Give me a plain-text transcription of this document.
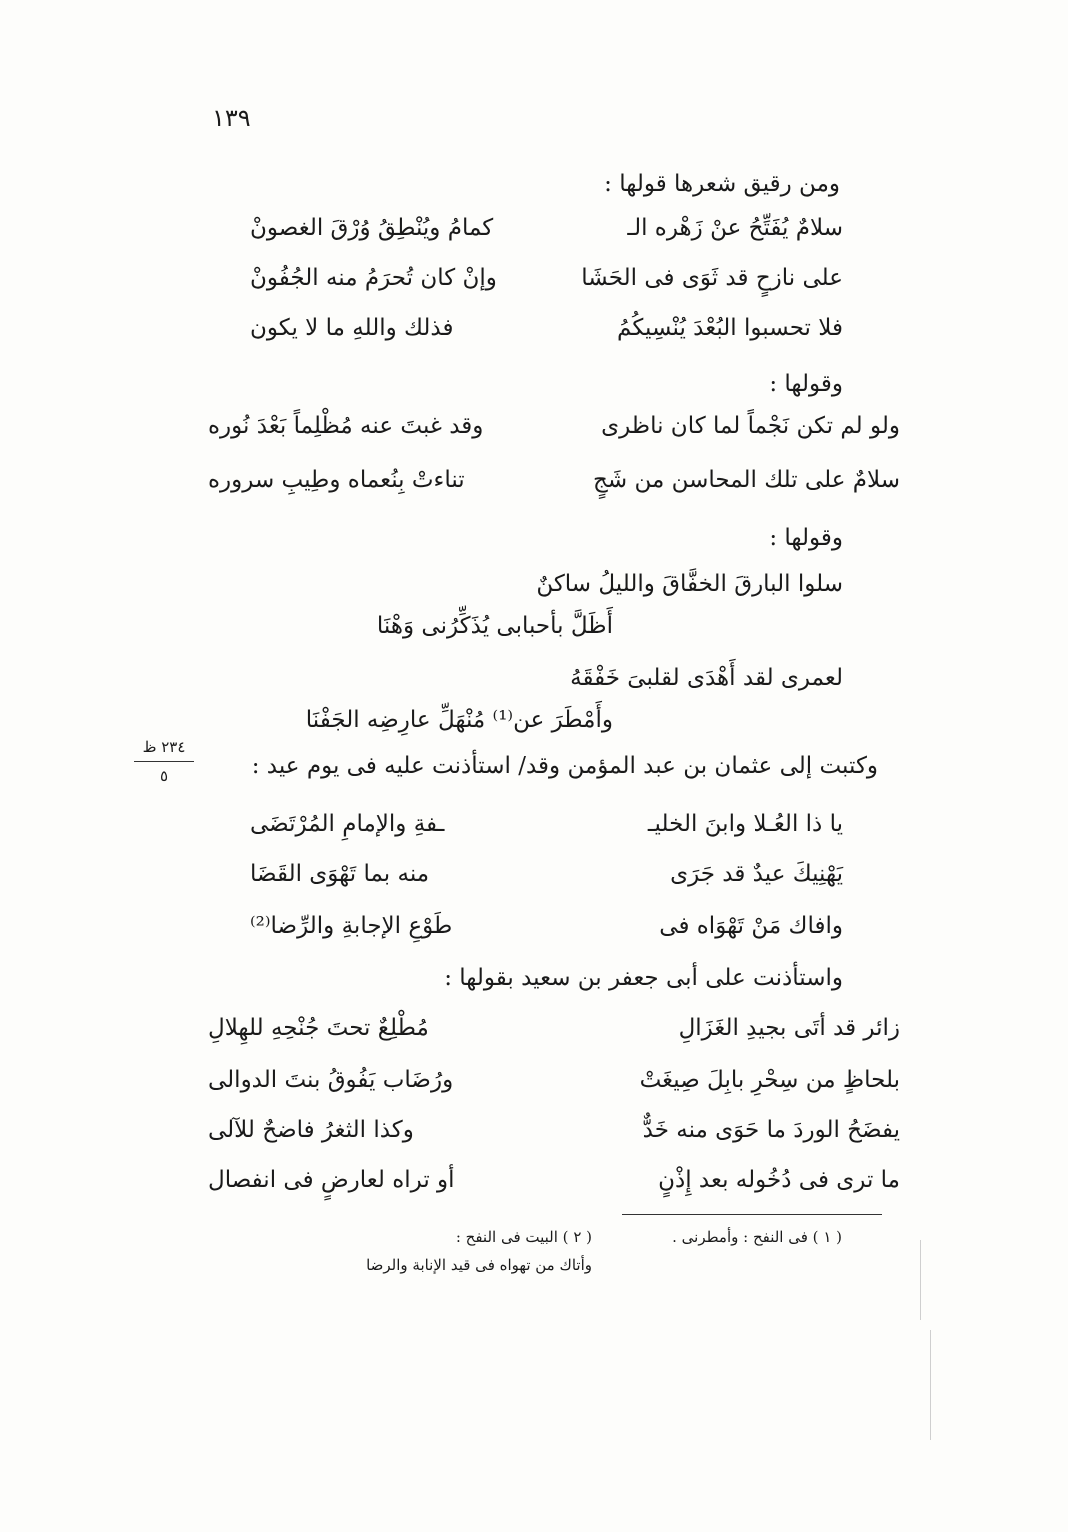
١٣٩
ومن رقيق شعرها قولها :
سلامٌ يُفَتِّحُ عنْ زَهْره الـ
كمامُ ويُنْطِقُ وُرْقَ الغصونْ
على نازحٍ قد ثَوَى فى الحَشَا
وإنْ كان تُحرَمُ منه الجُفُونْ
فلا تحسبوا البُعْدَ يُنْسِيكُمُ
فذلك واللهِ ما لا يكون
وقولها :
ولو لم تكن نَجْماً لما كان ناظرى
وقد غبتَ عنه مُظْلِماً بَعْدَ نُوره
سلامٌ على تلك المحاسن من شَجٍ
تناءتْ بِنُعماه وطِيبِ سروره
وقولها :
سلوا البارقَ الخفَّاقَ والليلُ ساكنٌ
أَظَلَّ بأحبابى يُذَكِّرُنى وَهْنَا
لعمرى لقد أَهْدَى لقلبىَ خَفْقَهُ
وأَمْطَرَ عن⁽¹⁾ مُنْهَلِّ عارِضِه الجَفْنَا
وكتبت إلى عثمان بن عبد المؤمن وقد/ استأذنت عليه فى يوم عيد :
يا ذا العُـلا وابنَ الخليـ
ـفةِ والإمامِ المُرْتَضَى
يَهْنِيكَ عيدٌ قد جَرَى
منه بما تَهْوَى القَضَا
وافاك مَنْ تَهْوَاه فى
طَوْعِ الإجابةِ والرِّضا⁽²⁾
واستأذنت على أبى جعفر بن سعيد بقولها :
زائر قد أتَى بجيدِ الغَزَالِ
مُطْلِعٌ تحتَ جُنْحِهِ للهِلالِ
بلحاظٍ من سِحْرِ بابِلَ صِيغَتْ
ورُضَاب يَفُوقُ بنتَ الدوالى
يفضَحُ الوردَ ما حَوَى منه خَدٌّ
وكذا الثغرُ فاضحٌ للآلى
ما ترى فى دُخُوله بعد إِذْنٍ
أو تراه لعارضٍ فى انفصال
٢٣٤ ظ
٥
( ١ ) فى النفح : وأمطرنى .
( ٢ ) البيت فى النفح :
وأتاك من تهواه فى قيد الإنابة والرضا
